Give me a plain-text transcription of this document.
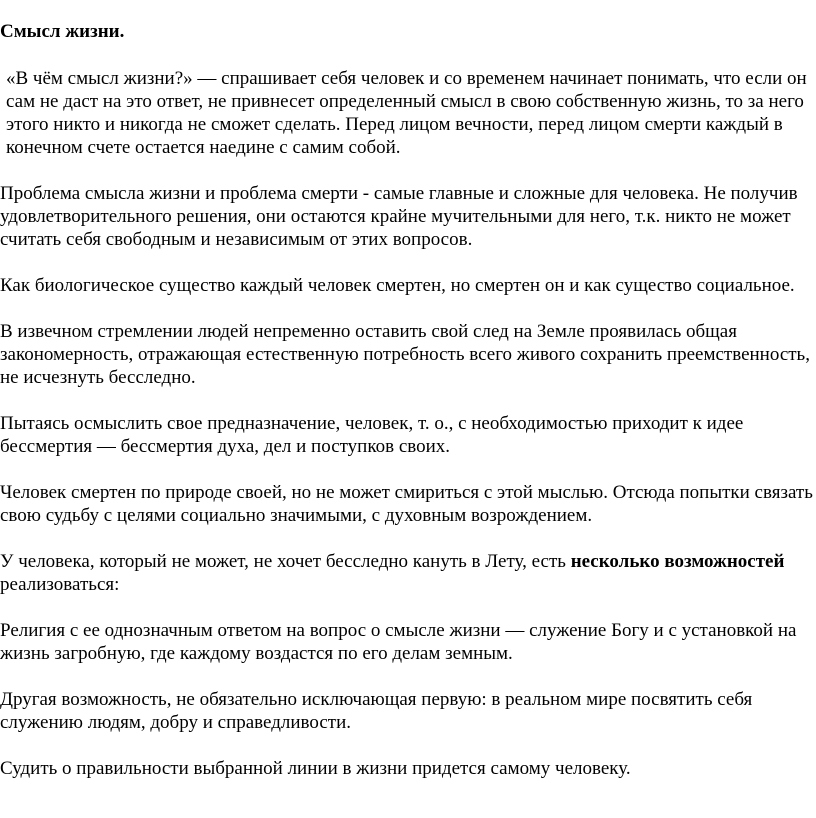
Смысл жизни.

«В чём смысл жизни?» — спрашивает себя человек и со временем начинает понимать, что если он сам не даст на это ответ, не привнесет определенный смысл в свою собственную жизнь, то за него этого никто и никогда не сможет сделать. Перед лицом вечности, перед лицом смерти каждый в конечном счете остается наедине с самим собой.

Проблема смысла жизни и проблема смерти - самые главные и сложные для человека. Не получив удовлетворительного решения, они остаются крайне мучительными для него, т.к. никто не может считать себя свободным и независимым от этих вопросов.

Как биологическое существо каждый человек смертен, но смертен он и как существо социальное.

В извечном стремлении людей непременно оставить свой след на Земле проявилась общая закономерность, отражающая естественную потребность всего живого сохранить преемственность, не исчезнуть бесследно.

Пытаясь осмыслить свое предназначение, человек, т. о., с необходимостью приходит к идее бессмертия — бессмертия духа, дел и поступков своих.

Человек смертен по природе своей, но не может смириться с этой мыслью. Отсюда попытки связать свою судьбу с целями социально значимыми, с духовным возрождением.

У человека, который не может, не хочет бесследно кануть в Лету, есть несколько возможностей реализоваться:

Религия с ее однозначным ответом на вопрос о смысле жизни — служение Богу и с установкой на жизнь загробную, где каждому воздастся по его делам земным.

Другая возможность, не обязательно исключающая первую: в реальном мире посвятить себя служению людям, добру и справедливости.

Судить о правильности выбранной линии в жизни придется самому человеку.
